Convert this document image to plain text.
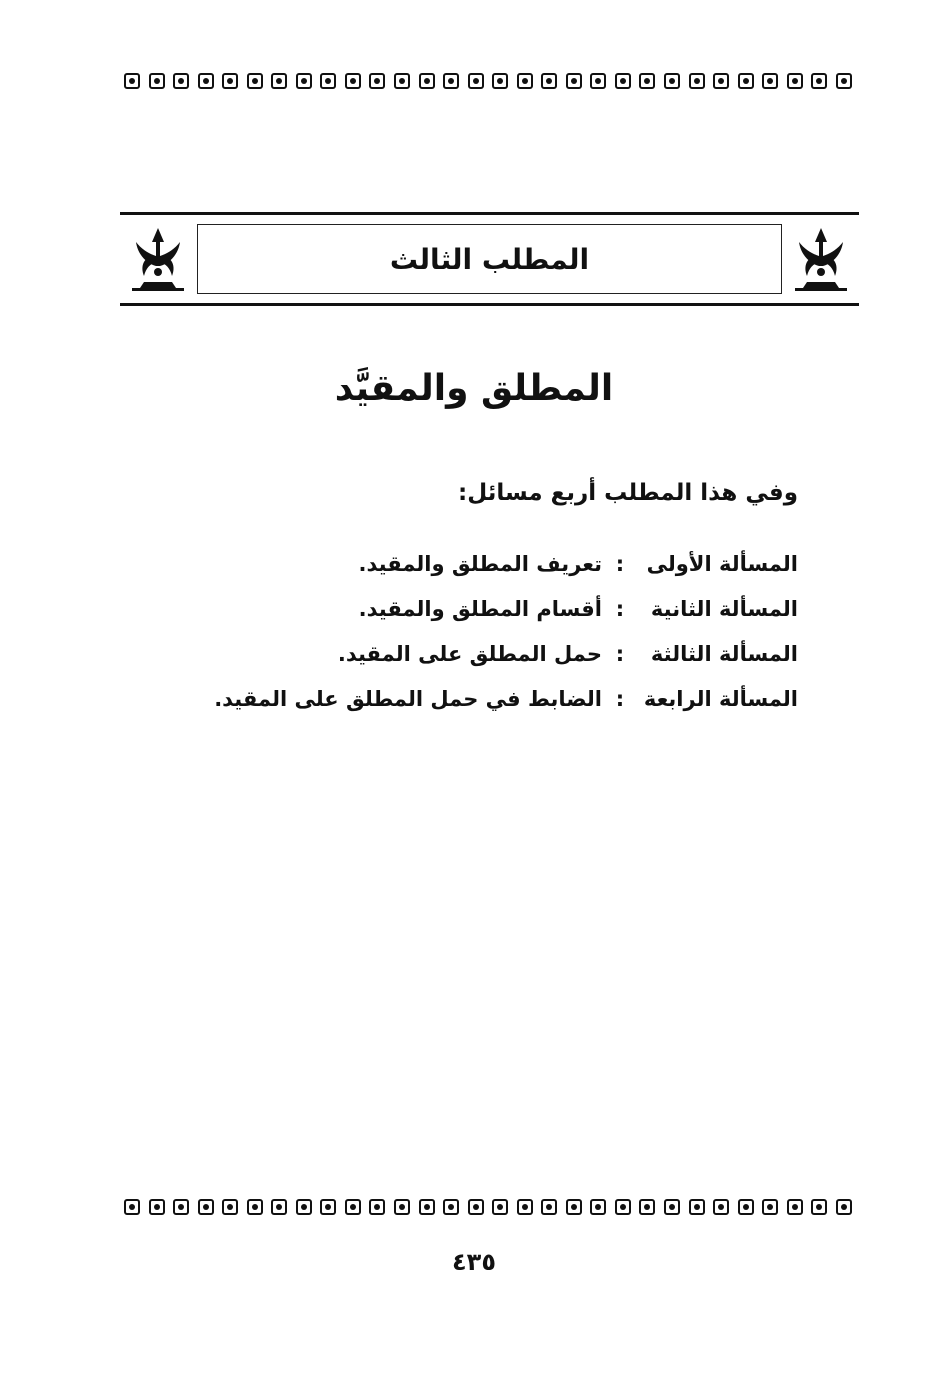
المطلب الثالث
المطلق والمقيَّد
وفي هذا المطلب أربع مسائل:
المسألة الأولى
:
تعريف المطلق والمقيد.
المسألة الثانية
:
أقسام المطلق والمقيد.
المسألة الثالثة
:
حمل المطلق على المقيد.
المسألة الرابعة
:
الضابط في حمل المطلق على المقيد.
٤٣٥
